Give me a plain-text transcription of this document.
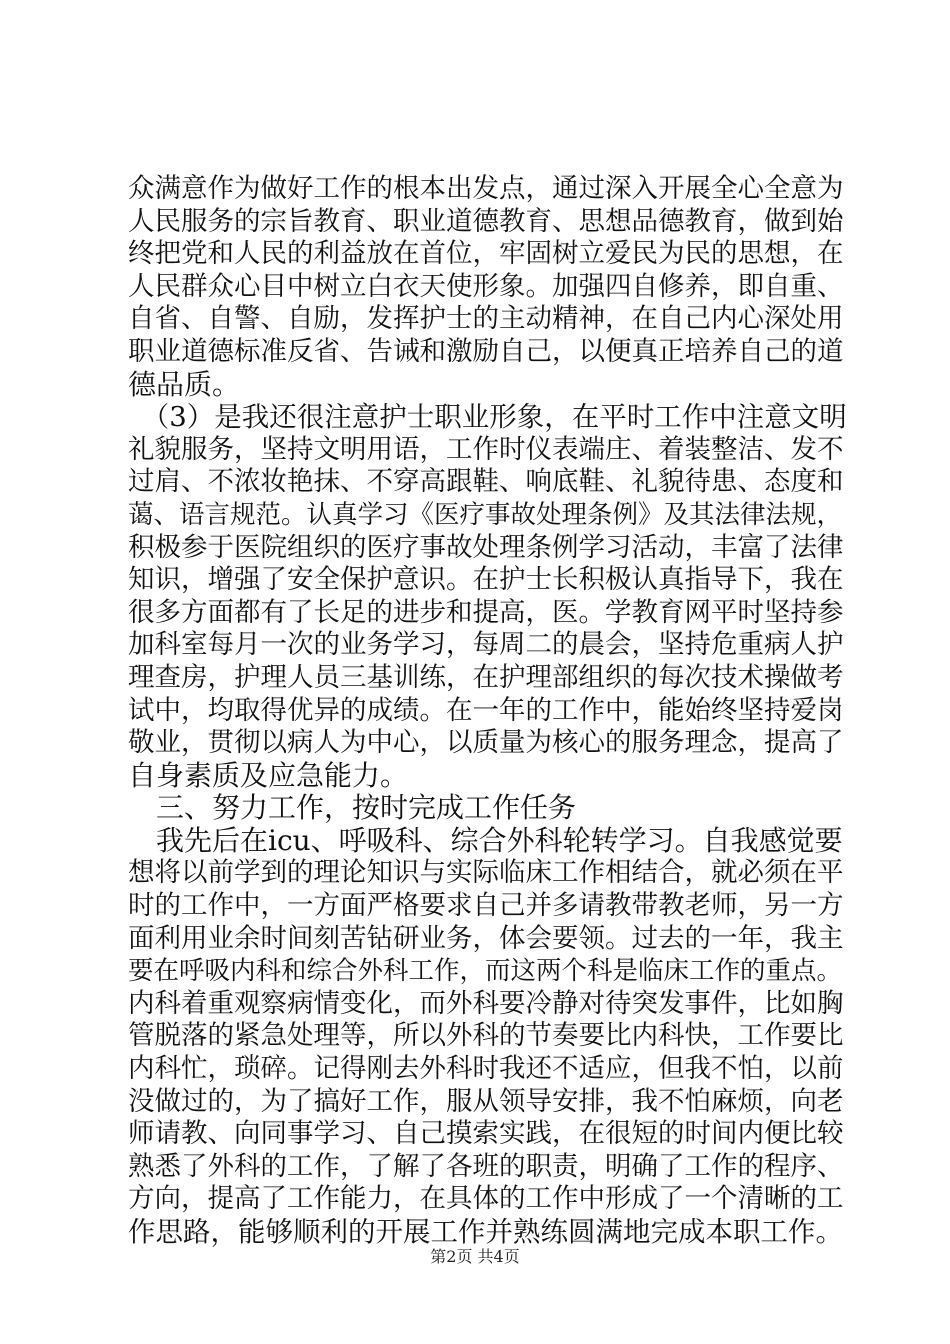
众满意作为做好工作的根本出发点，通过深入开展全心全意为
人民服务的宗旨教育、职业道德教育、思想品德教育，做到始
终把党和人民的利益放在首位，牢固树立爱民为民的思想，在
人民群众心目中树立白衣天使形象。加强四自修养，即自重、
自省、自警、自励，发挥护士的主动精神，在自己内心深处用
职业道德标准反省、告诫和激励自己，以便真正培养自己的道
德品质。
　（3）是我还很注意护士职业形象，在平时工作中注意文明
礼貌服务，坚持文明用语，工作时仪表端庄、着装整洁、发不
过肩、不浓妆艳抹、不穿高跟鞋、响底鞋、礼貌待患、态度和
蔼、语言规范。认真学习《医疗事故处理条例》及其法律法规，
积极参于医院组织的医疗事故处理条例学习活动，丰富了法律
知识，增强了安全保护意识。在护士长积极认真指导下，我在
很多方面都有了长足的进步和提高，医。学教育网平时坚持参
加科室每月一次的业务学习，每周二的晨会，坚持危重病人护
理查房，护理人员三基训练，在护理部组织的每次技术操做考
试中，均取得优异的成绩。在一年的工作中，能始终坚持爱岗
敬业，贯彻以病人为中心，以质量为核心的服务理念，提高了
自身素质及应急能力。
　三、努力工作，按时完成工作任务
　我先后在icu、呼吸科、综合外科轮转学习。自我感觉要
想将以前学到的理论知识与实际临床工作相结合，就必须在平
时的工作中，一方面严格要求自己并多请教带教老师，另一方
面利用业余时间刻苦钻研业务，体会要领。过去的一年，我主
要在呼吸内科和综合外科工作，而这两个科是临床工作的重点。
内科着重观察病情变化，而外科要冷静对待突发事件，比如胸
管脱落的紧急处理等，所以外科的节奏要比内科快，工作要比
内科忙，琐碎。记得刚去外科时我还不适应，但我不怕，以前
没做过的，为了搞好工作，服从领导安排，我不怕麻烦，向老
师请教、向同事学习、自己摸索实践，在很短的时间内便比较
熟悉了外科的工作，了解了各班的职责，明确了工作的程序、
方向，提高了工作能力，在具体的工作中形成了一个清晰的工
作思路，能够顺利的开展工作并熟练圆满地完成本职工作。
第2页 共4页
